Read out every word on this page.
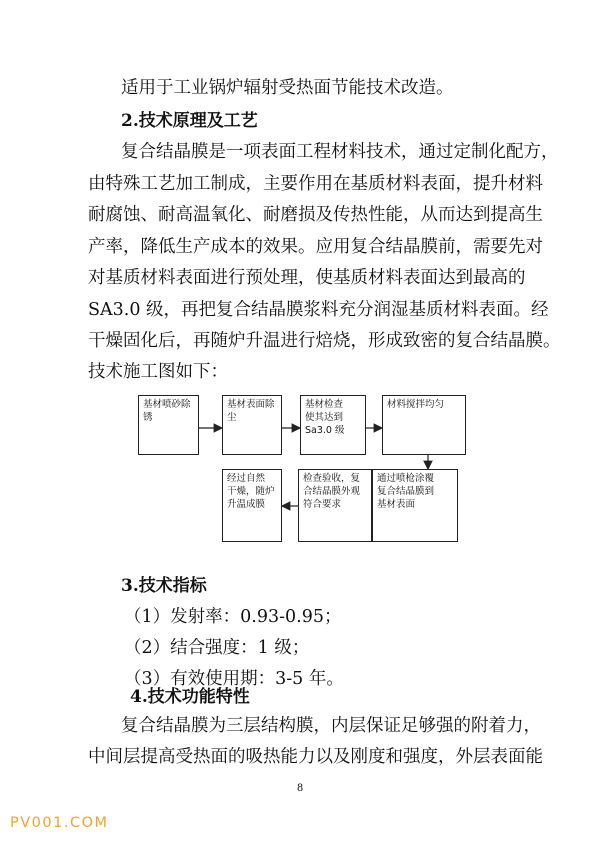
适用于工业锅炉辐射受热面节能技术改造。
2.技术原理及工艺
复合结晶膜是一项表面工程材料技术，通过定制化配方，
由特殊工艺加工制成，主要作用在基质材料表面，提升材料
耐腐蚀、耐高温氧化、耐磨损及传热性能，从而达到提高生
产率，降低生产成本的效果。应用复合结晶膜前，需要先对
对基质材料表面进行预处理，使基质材料表面达到最高的
SA3.0 级，再把复合结晶膜浆料充分润湿基质材料表面。经
干燥固化后，再随炉升温进行焙烧，形成致密的复合结晶膜。
技术施工图如下：
基材喷砂除
锈
基材表面除
尘
基材检查
使其达到
Sa3.0 级
材料搅拌均匀
通过喷枪涂覆
复合结晶膜到
基材表面
检查验收，复
合结晶膜外观
符合要求
经过自然
干燥，随炉
升温成膜
3.技术指标
（1）发射率：0.93-0.95；
（2）结合强度：1 级；
（3）有效使用期：3-5 年。
4.技术功能特性
复合结晶膜为三层结构膜，内层保证足够强的附着力，
中间层提高受热面的吸热能力以及刚度和强度，外层表面能
8
PV001.COM
